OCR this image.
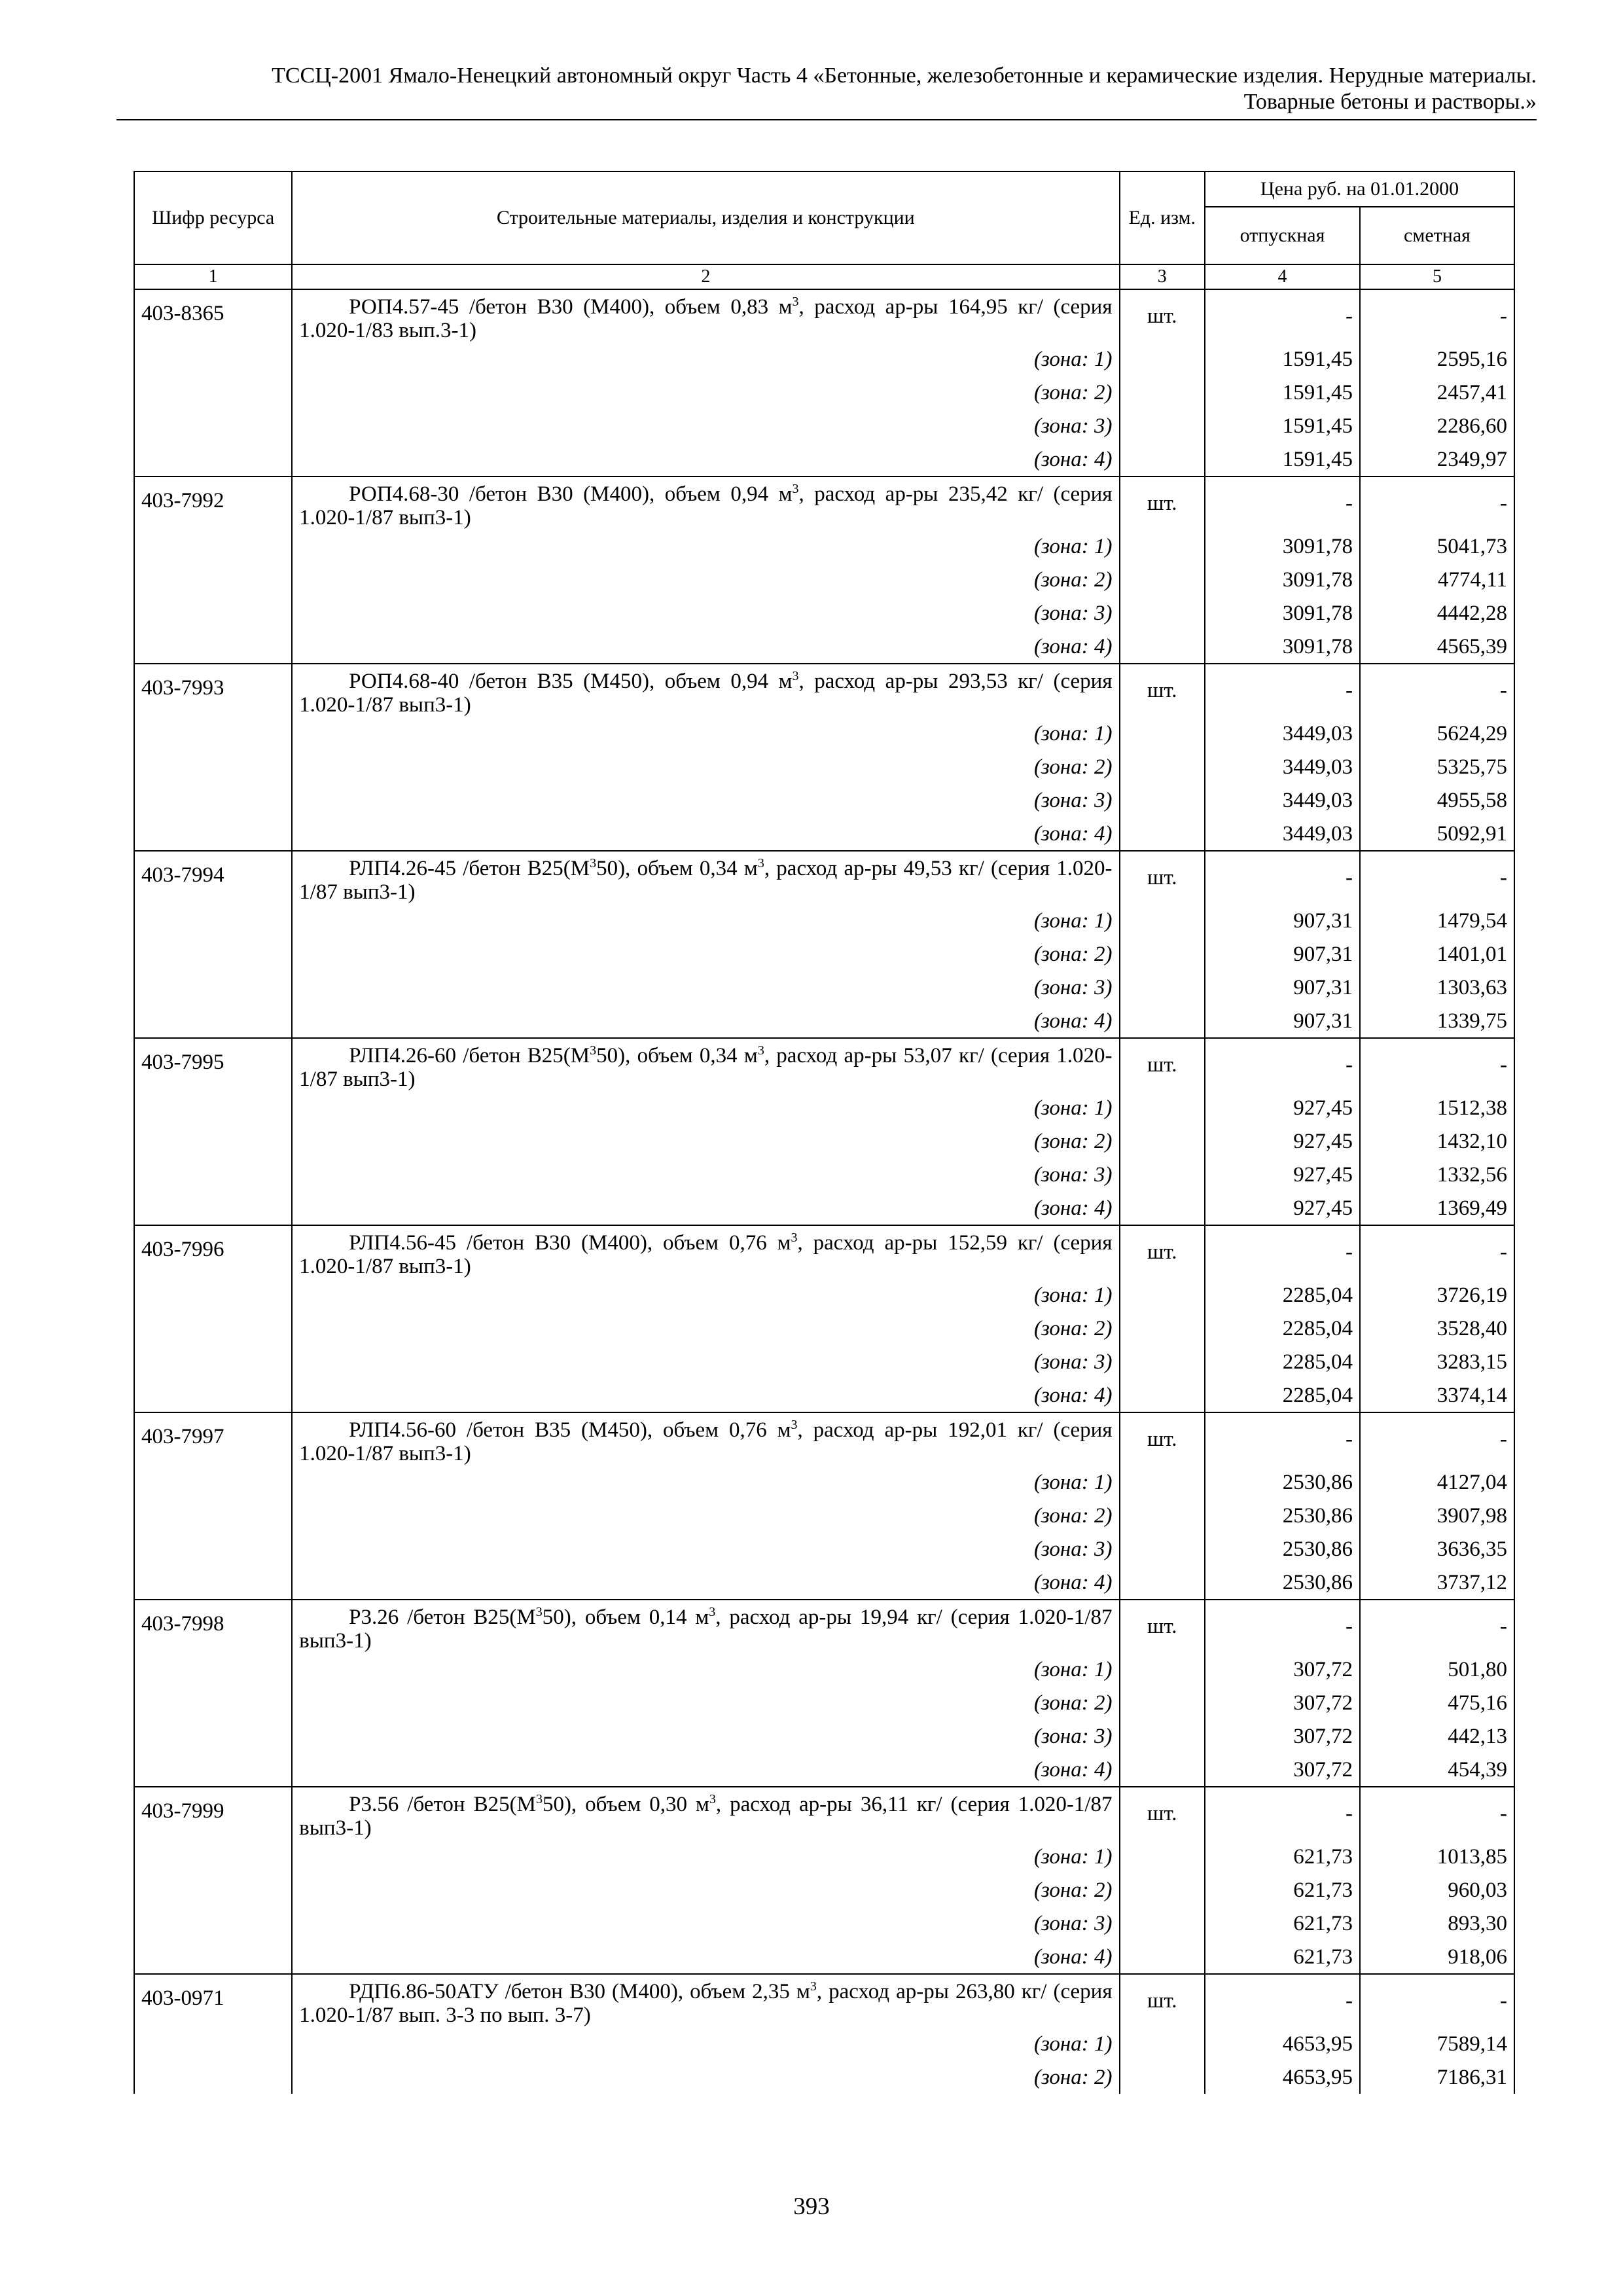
ТССЦ-2001 Ямало-Ненецкий автономный округ Часть 4 «Бетонные, железобетонные и керамические изделия. Нерудные материалы.
Товарные бетоны и растворы.»
Шифр ресурса	Строительные материалы, изделия и конструкции	Ед. изм.	Цена руб. на 01.01.2000	
			отпускная	сметная
1	2	3	4	5
403-8365	РОП4.57-45 /бетон В30 (М400), объем 0,83 $м^3$, расход ар-ры 164,95 кг/ (серия 1.020-1/83 вып.3-1)	шт.	-	-
	(зона: 1)		1591,45	2595,16
	(зона: 2)		1591,45	2457,41
	(зона: 3)		1591,45	2286,60
	(зона: 4)		1591,45	2349,97
403-7992	РОП4.68-30 /бетон В30 (М400), объем 0,94 $м^3$, расход ар-ры 235,42 кг/ (серия 1.020-1/87 вып3-1)	шт.	-	-
	(зона: 1)		3091,78	5041,73
	(зона: 2)		3091,78	4774,11
	(зона: 3)		3091,78	4442,28
	(зона: 4)		3091,78	4565,39
403-7993	РОП4.68-40 /бетон В35 (М450), объем 0,94 $м^3$, расход ар-ры 293,53 кг/ (серия 1.020-1/87 вып3-1)	шт.	-	-
	(зона: 1)		3449,03	5624,29
	(зона: 2)		3449,03	5325,75
	(зона: 3)		3449,03	4955,58
	(зона: 4)		3449,03	5092,91
403-7994	РЛП4.26-45 /бетон $В25(М^350)$, объем 0,34 $м^3$, расход ар-ры 49,53 кг/ (серия 1.020-1/87 вып3-1)	шт.	-	-
	(зона: 1)		907,31	1479,54
	(зона: 2)		907,31	1401,01
	(зона: 3)		907,31	1303,63
	(зона: 4)		907,31	1339,75
403-7995	РЛП4.26-60 /бетон $В25(М^350)$, объем 0,34 $м^3$, расход ар-ры 53,07 кг/ (серия 1.020-1/87 вып3-1)	шт.	-	-
	(зона: 1)		927,45	1512,38
	(зона: 2)		927,45	1432,10
	(зона: 3)		927,45	1332,56
	(зона: 4)		927,45	1369,49
403-7996	РЛП4.56-45 /бетон В30 (М400), объем 0,76 $м^3$, расход ар-ры 152,59 кг/ (серия 1.020-1/87 вып3-1)	шт.	-	-
	(зона: 1)		2285,04	3726,19
	(зона: 2)		2285,04	3528,40
	(зона: 3)		2285,04	3283,15
	(зона: 4)		2285,04	3374,14
403-7997	РЛП4.56-60 /бетон В35 (М450), объем 0,76 $м^3$, расход ар-ры 192,01 кг/ (серия 1.020-1/87 вып3-1)	шт.	-	-
	(зона: 1)		2530,86	4127,04
	(зона: 2)		2530,86	3907,98
	(зона: 3)		2530,86	3636,35
	(зона: 4)		2530,86	3737,12
403-7998	Р3.26 /бетон $В25(М^350)$, объем 0,14 $м^3$, расход ар-ры 19,94 кг/ (серия 1.020-1/87 вып3-1)	шт.	-	-
	(зона: 1)		307,72	501,80
	(зона: 2)		307,72	475,16
	(зона: 3)		307,72	442,13
	(зона: 4)		307,72	454,39
403-7999	Р3.56 /бетон $В25(М^350)$, объем 0,30 $м^3$, расход ар-ры 36,11 кг/ (серия 1.020-1/87 вып3-1)	шт.	-	-
	(зона: 1)		621,73	1013,85
	(зона: 2)		621,73	960,03
	(зона: 3)		621,73	893,30
	(зона: 4)		621,73	918,06
403-0971	РДП6.86-50АТУ /бетон В30 (М400), объем 2,35 $м^3$, расход ар-ры 263,80 кг/ (серия 1.020-1/87 вып. 3-3 по вып. 3-7)	шт.	-	-
	(зона: 1)		4653,95	7589,14
	(зона: 2)		4653,95	7186,31
393
